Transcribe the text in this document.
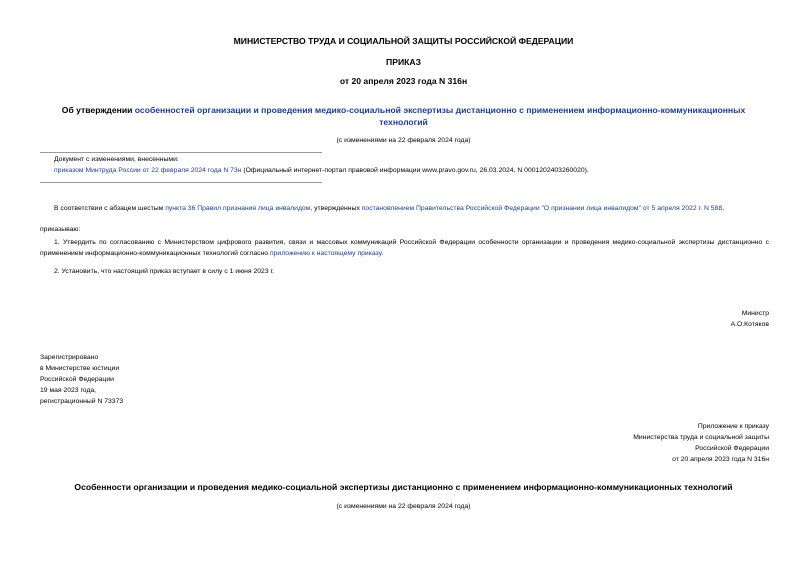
МИНИСТЕРСТВО ТРУДА И СОЦИАЛЬНОЙ ЗАЩИТЫ РОССИЙСКОЙ ФЕДЕРАЦИИ
ПРИКАЗ
от 20 апреля 2023 года N 316н
Об утверждении особенностей организации и проведения медико-социальной экспертизы дистанционно с применением информационно-коммуникационных технологий
(с изменениями на 22 февраля 2024 года)
Документ с изменениями, внесенными:
приказом Минтруда России от 22 февраля 2024 года N 73н (Официальный интернет-портал правовой информации www.pravo.gov.ru, 26.03.2024, N 0001202403260020).
В соответствии с абзацем шестым пункта 36 Правил признания лица инвалидом, утвержденных постановлением Правительства Российской Федерации "О признании лица инвалидом" от 5 апреля 2022 г. N 588,
приказываю:
1. Утвердить по согласованию с Министерством цифрового развития, связи и массовых коммуникаций Российской Федерации особенности организации и проведения медико-социальной экспертизы дистанционно с применением информационно-коммуникационных технологий согласно приложению к настоящему приказу.
2. Установить, что настоящий приказ вступает в силу с 1 июня 2023 г.
Министр
А.О.Котяков
Зарегистрировано
в Министерстве юстиции
Российской Федерации
19 мая 2023 года,
регистрационный N 73373
Приложение к приказу
Министерства труда и социальной защиты
Российской Федерации
от 20 апреля 2023 года N 316н
Особенности организации и проведения медико-социальной экспертизы дистанционно с применением информационно-коммуникационных технологий
(с изменениями на 22 февраля 2024 года)
